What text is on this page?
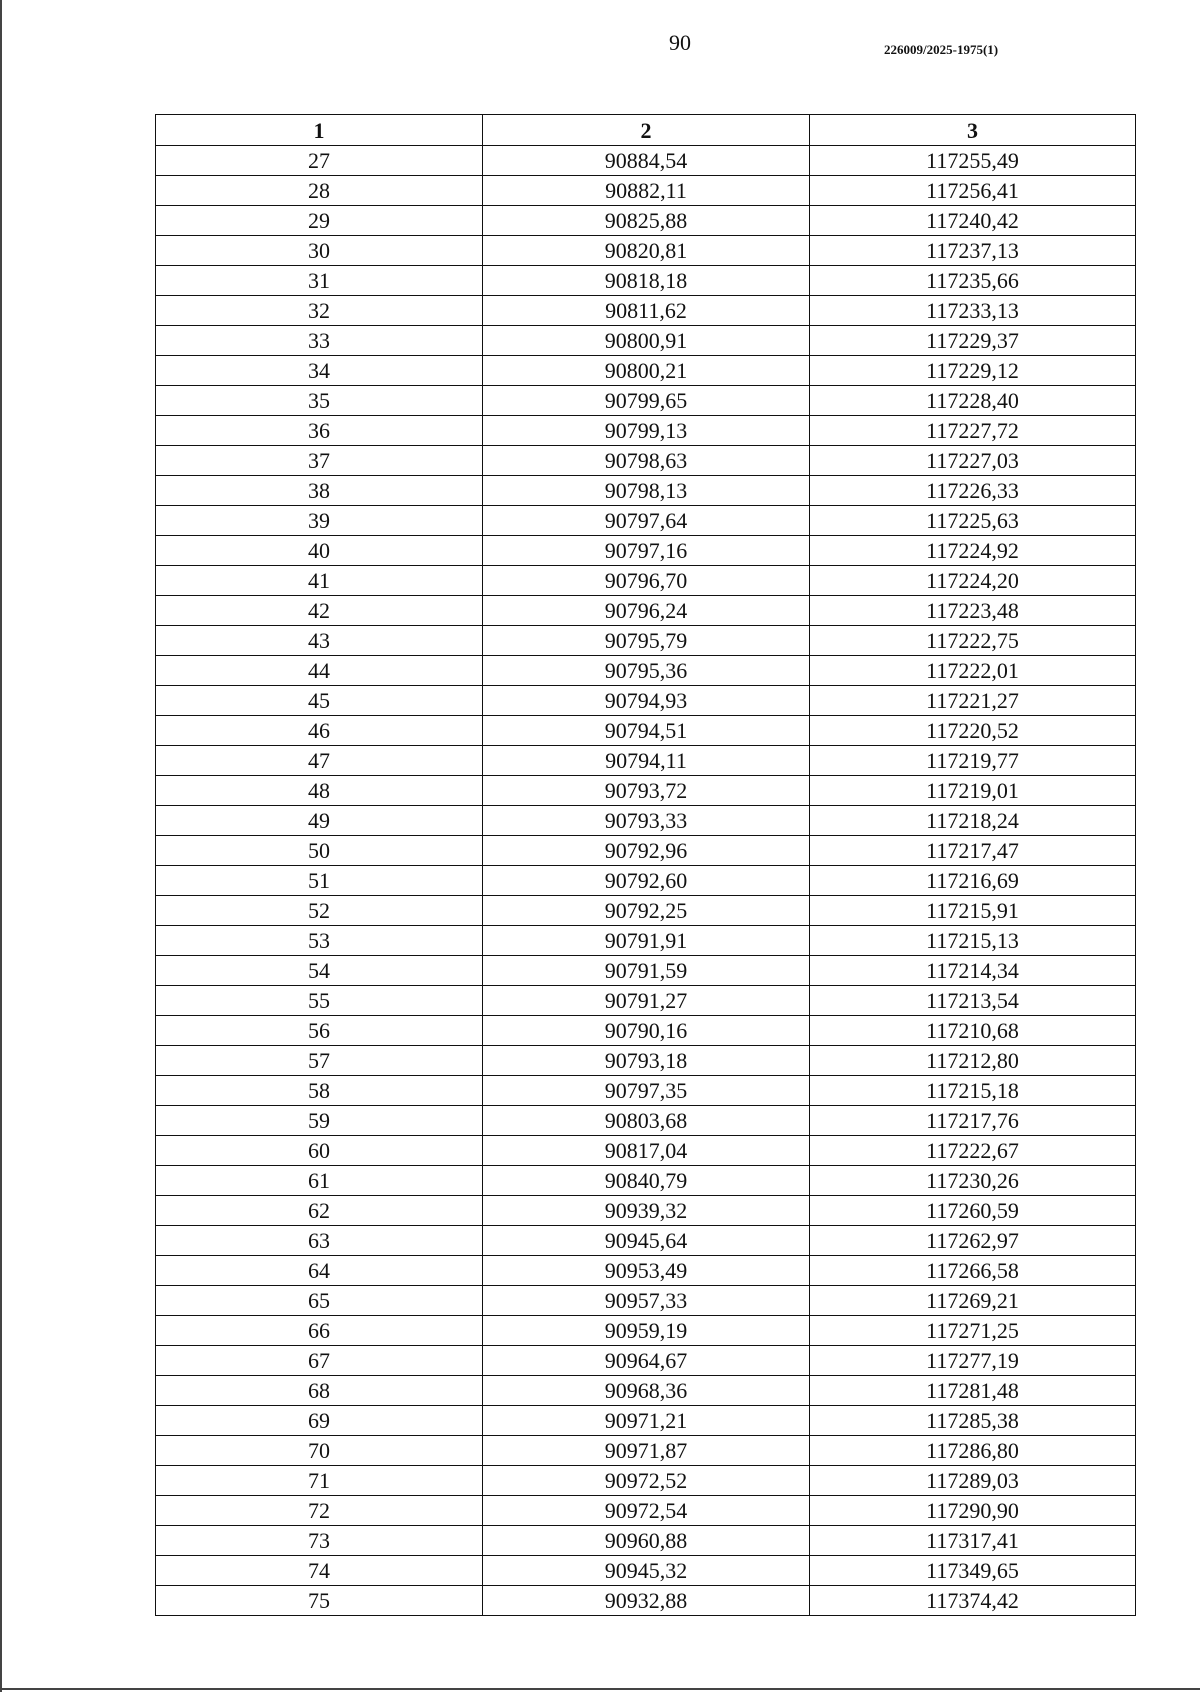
90	226009/2025-1975(1)
1	2	3
27	90884,54	117255,49
28	90882,11	117256,41
29	90825,88	117240,42
30	90820,81	117237,13
31	90818,18	117235,66
32	90811,62	117233,13
33	90800,91	117229,37
34	90800,21	117229,12
35	90799,65	117228,40
36	90799,13	117227,72
37	90798,63	117227,03
38	90798,13	117226,33
39	90797,64	117225,63
40	90797,16	117224,92
41	90796,70	117224,20
42	90796,24	117223,48
43	90795,79	117222,75
44	90795,36	117222,01
45	90794,93	117221,27
46	90794,51	117220,52
47	90794,11	117219,77
48	90793,72	117219,01
49	90793,33	117218,24
50	90792,96	117217,47
51	90792,60	117216,69
52	90792,25	117215,91
53	90791,91	117215,13
54	90791,59	117214,34
55	90791,27	117213,54
56	90790,16	117210,68
57	90793,18	117212,80
58	90797,35	117215,18
59	90803,68	117217,76
60	90817,04	117222,67
61	90840,79	117230,26
62	90939,32	117260,59
63	90945,64	117262,97
64	90953,49	117266,58
65	90957,33	117269,21
66	90959,19	117271,25
67	90964,67	117277,19
68	90968,36	117281,48
69	90971,21	117285,38
70	90971,87	117286,80
71	90972,52	117289,03
72	90972,54	117290,90
73	90960,88	117317,41
74	90945,32	117349,65
75	90932,88	117374,42
